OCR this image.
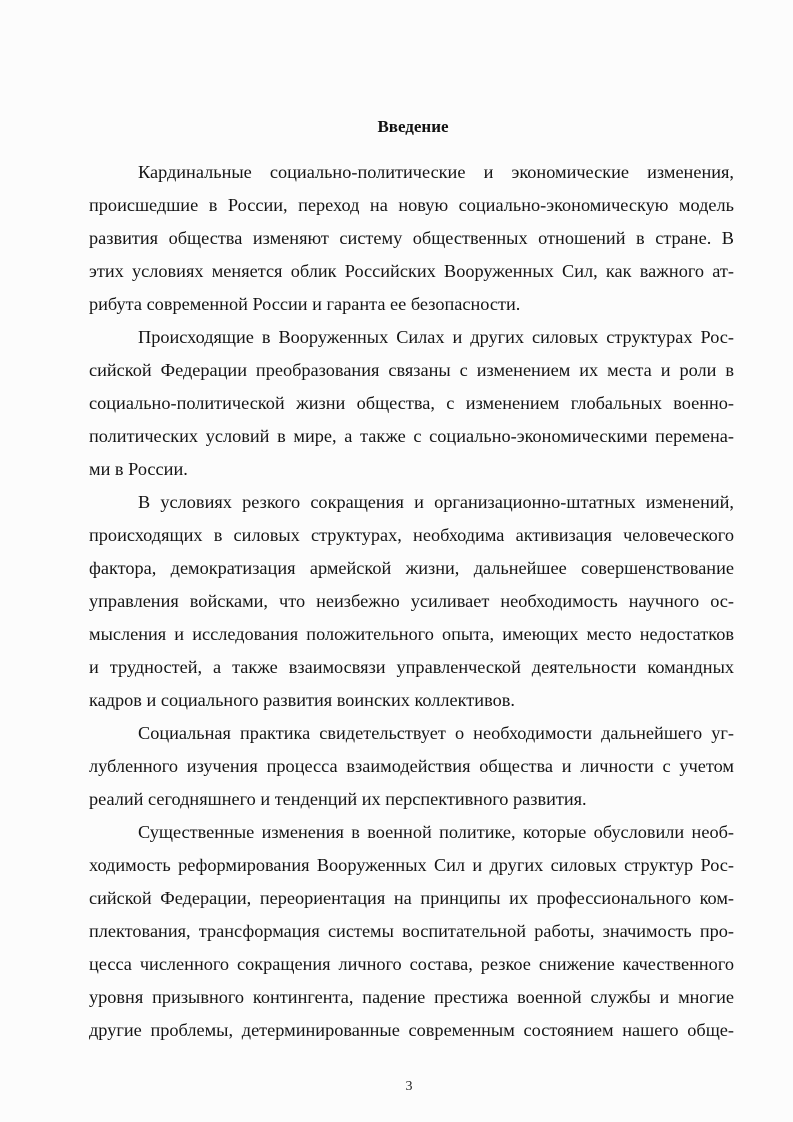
Введение
Кардинальные социально-политические и экономические изменения,
происшедшие в России, переход на новую социально-экономическую модель
развития общества изменяют систему общественных отношений в стране. В
этих условиях меняется облик Российских Вооруженных Сил, как важного ат-
рибута современной России и гаранта ее безопасности.
Происходящие в Вооруженных Силах и других силовых структурах Рос-
сийской Федерации преобразования связаны с изменением их места и роли в
социально-политической жизни общества, с изменением глобальных военно-
политических условий в мире, а также с социально-экономическими перемена-
ми в России.
В условиях резкого сокращения и организационно-штатных изменений,
происходящих в силовых структурах, необходима активизация человеческого
фактора, демократизация армейской жизни, дальнейшее совершенствование
управления войсками, что неизбежно усиливает необходимость научного ос-
мысления и исследования положительного опыта, имеющих место недостатков
и трудностей, а также взаимосвязи управленческой деятельности командных
кадров и социального развития воинских коллективов.
Социальная практика свидетельствует о необходимости дальнейшего уг-
лубленного изучения процесса взаимодействия общества и личности с учетом
реалий сегодняшнего и тенденций их перспективного развития.
Существенные изменения в военной политике, которые обусловили необ-
ходимость реформирования Вооруженных Сил и других силовых структур Рос-
сийской Федерации, переориентация на принципы их профессионального ком-
плектования, трансформация системы воспитательной работы, значимость про-
цесса численного сокращения личного состава, резкое снижение качественного
уровня призывного контингента, падение престижа военной службы и многие
другие проблемы, детерминированные современным состоянием нашего обще-
3
